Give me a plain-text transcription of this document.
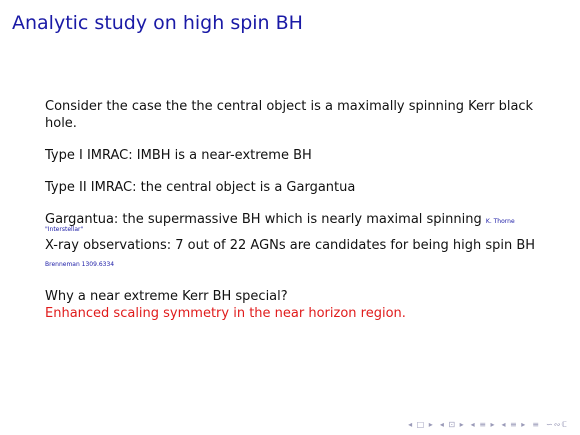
Analytic study on high spin BH

Consider the case the the central object is a maximally spinning Kerr black hole.

Type I IMRAC: IMBH is a near-extreme BH

Type II IMRAC: the central object is a Gargantua

Gargantua: the supermassive BH which is nearly maximal spinning K. Thorne
"Interstellar"

X-ray observations: 7 out of 22 AGNs are candidates for being high spin BH Brenneman 1309.6334

Why a near extreme Kerr BH special?
Enhanced scaling symmetry in the near horizon region.

◂ □ ▸ ◂ ⊡ ▸ ◂ ≡ ▸ ◂ ≡ ▸ ≡ ∽∾ℂ
